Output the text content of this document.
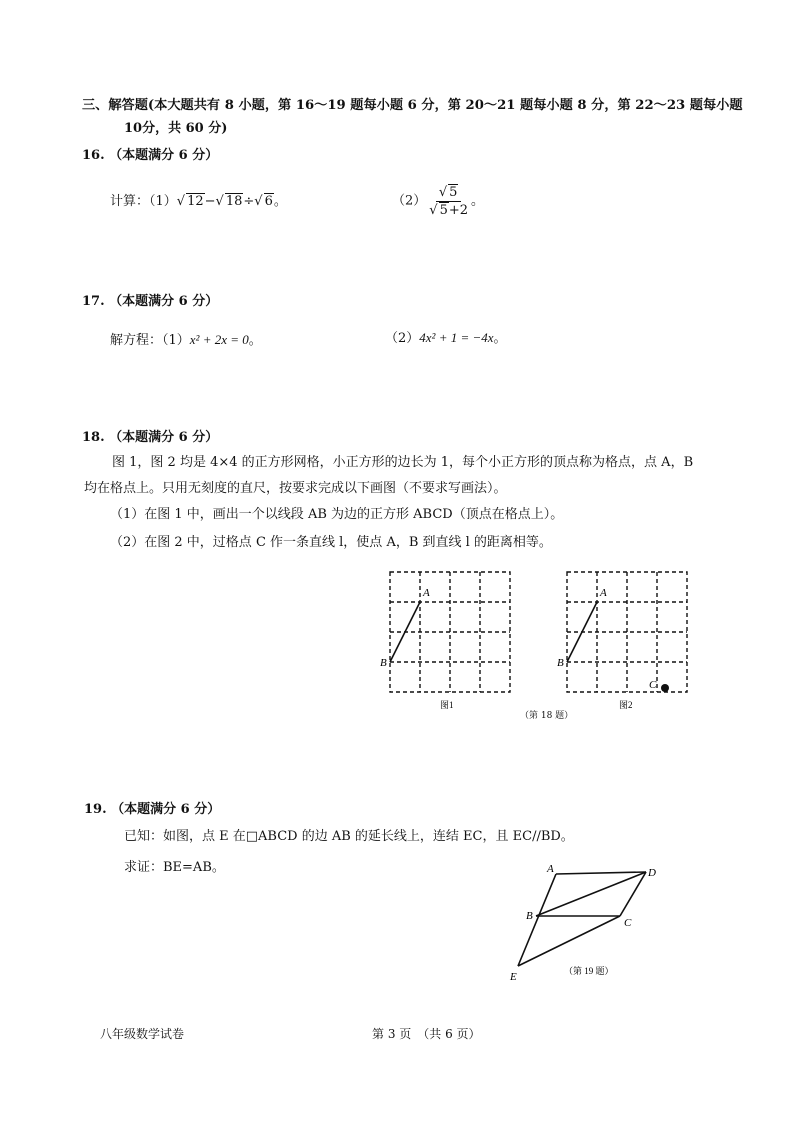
三、解答题(本大题共有 8 小题，第 16～19 题每小题 6 分，第 20～21 题每小题 8 分，第 22～23 题每小题
10分，共 60 分)
16. （本题满分 6 分）
计算：（1）√ 12−√ 18÷√ 6。	$(2) \frac{√ 5}{√ 5+2}$ 。
17. （本题满分 6 分）
解方程：（1）x² + 2x = 0。	（2）4x² + 1 = −4x。
18. （本题满分 6 分）
图 1，图 2 均是 4×4 的正方形网格，小正方形的边长为 1，每个小正方形的顶点称为格点，点 A，B
均在格点上。只用无刻度的直尺，按要求完成以下画图（不要求写画法）。
（1）在图 1 中，画出一个以线段 AB 为边的正方形 ABCD（顶点在格点上）。
（2）在图 2 中，过格点 C 作一条直线 l，使点 A，B 到直线 l 的距离相等。
A
B
图1
A
B
C
图2
（第 18 题）
19. （本题满分 6 分）
已知：如图，点 E 在□ABCD 的边 AB 的延长线上，连结 EC，且 EC//BD。
求证：BE=AB。	A	D
B
C
E	（第 19 题）
八年级数学试卷	第 3 页　（共 6 页）
